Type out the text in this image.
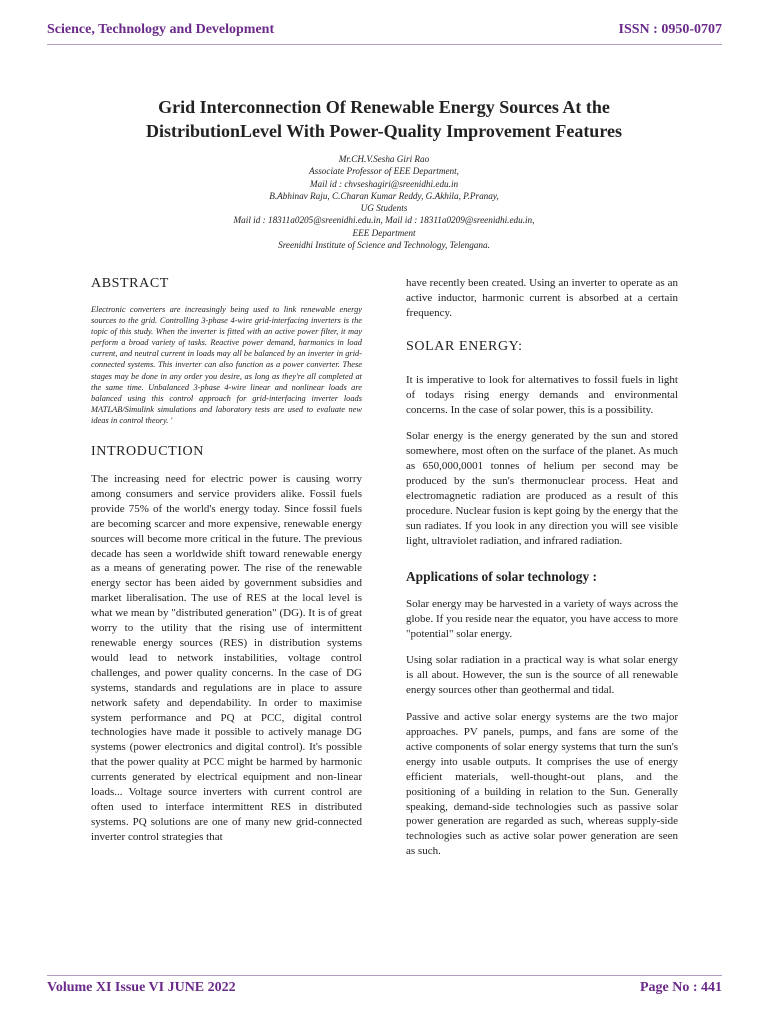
Science, Technology and Development	ISSN : 0950-0707
Grid Interconnection Of Renewable Energy Sources At the
DistributionLevel With Power-Quality Improvement Features
Mr.CH.V.Sesha Giri Rao
Associate Professor of EEE Department,
Mail id : chvseshagiri@sreenidhi.edu.in
B.Abhinav Raju, C.Charan Kumar Reddy, G.Akhila, P.Pranay,
UG Students
Mail id : 18311a0205@sreenidhi.edu.in, Mail id : 18311a0209@sreenidhi.edu.in,
EEE Department
Sreenidhi Institute of Science and Technology, Telengana.
ABSTRACT

Electronic converters are increasingly being used to link renewable energy sources to the grid. Controlling 3-phase 4-wire grid-interfacing inverters is the topic of this study. When the inverter is fitted with an active power filter, it may perform a broad variety of tasks. Reactive power demand, harmonics in load current, and neutral current in loads may all be balanced by an inverter in grid-connected systems. This inverter can also function as a power converter. These stages may be done in any order you desire, as long as they're all completed at the same time. Unbalanced 3-phase 4-wire linear and nonlinear loads are balanced using this control approach for grid-interfacing inverter loads MATLAB/Simulink simulations and laboratory tests are used to evaluate new ideas in control theory. '

INTRODUCTION

The increasing need for electric power is causing worry among consumers and service providers alike. Fossil fuels provide 75% of the world's energy today. Since fossil fuels are becoming scarcer and more expensive, renewable energy sources will become more critical in the future. The previous decade has seen a worldwide shift toward renewable energy as a means of generating power. The rise of the renewable energy sector has been aided by government subsidies and market liberalisation. The use of RES at the local level is what we mean by "distributed generation" (DG). It is of great worry to the utility that the rising use of intermittent renewable energy sources (RES) in distribution systems would lead to network instabilities, voltage control challenges, and power quality concerns. In the case of DG systems, standards and regulations are in place to assure network safety and dependability. In order to maximise system performance and PQ at PCC, digital control technologies have made it possible to actively manage DG systems (power electronics and digital control). It's possible that the power quality at PCC might be harmed by harmonic currents generated by electrical equipment and non-linear loads... Voltage source inverters with current control are often used to interface intermittent RES in distributed systems. PQ solutions are one of many new grid-connected inverter control strategies that

have recently been created. Using an inverter to operate as an active inductor, harmonic current is absorbed at a certain frequency.

SOLAR ENERGY:

It is imperative to look for alternatives to fossil fuels in light of todays rising energy demands and environmental concerns. In the case of solar power, this is a possibility.

Solar energy is the energy generated by the sun and stored somewhere, most often on the surface of the planet. As much as 650,000,0001 tonnes of helium per second may be produced by the sun's thermonuclear process. Heat and electromagnetic radiation are produced as a result of this procedure. Nuclear fusion is kept going by the energy that the sun radiates. If you look in any direction you will see visible light, ultraviolet radiation, and infrared radiation.

Applications of solar technology :

Solar energy may be harvested in a variety of ways across the globe. If you reside near the equator, you have access to more "potential" solar energy.

Using solar radiation in a practical way is what solar energy is all about. However, the sun is the source of all renewable energy sources other than geothermal and tidal.

Passive and active solar energy systems are the two major approaches. PV panels, pumps, and fans are some of the active components of solar energy systems that turn the sun's energy into usable outputs. It comprises the use of energy efficient materials, well-thought-out plans, and the positioning of a building in relation to the Sun. Generally speaking, demand-side technologies such as passive solar power generation are regarded as such, whereas supply-side technologies such as active solar power generation are seen as such.

Volume XI Issue VI JUNE 2022	Page No : 441
